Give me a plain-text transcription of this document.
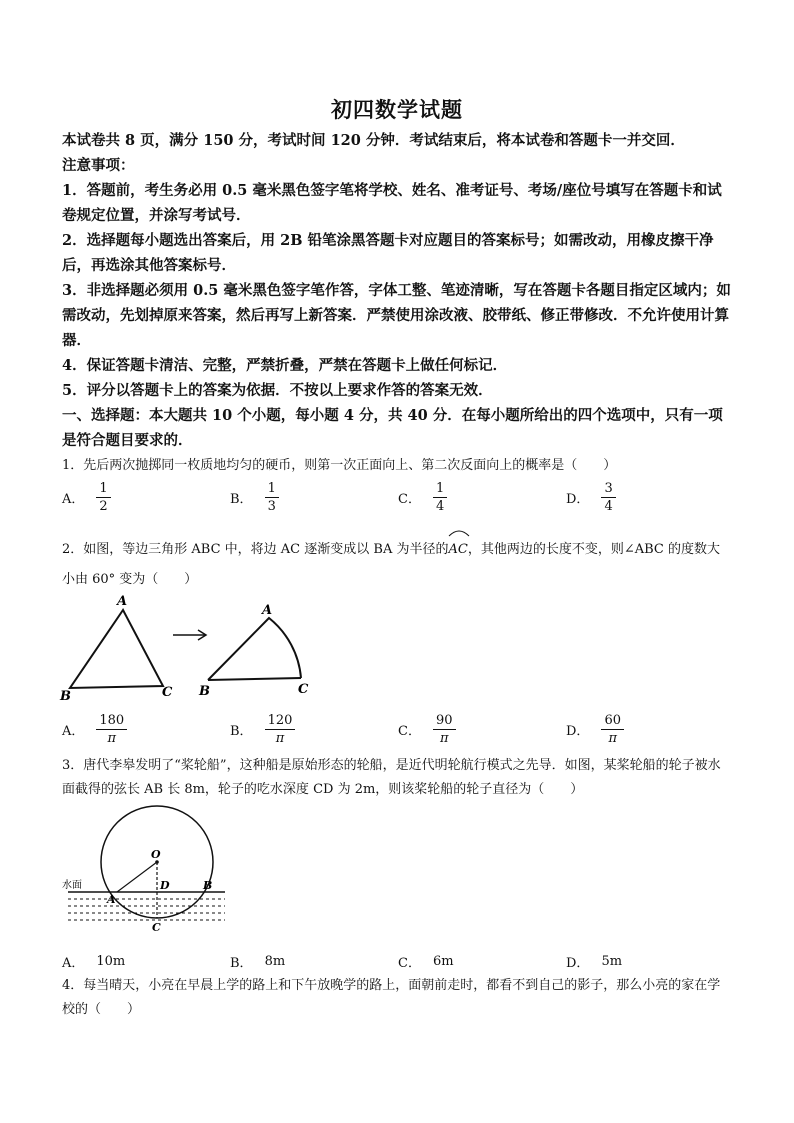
初四数学试题
本试卷共 8 页，满分 150 分，考试时间 120 分钟．考试结束后，将本试卷和答题卡一并交回．
注意事项：
1．答题前，考生务必用 0.5 毫米黑色签字笔将学校、姓名、准考证号、考场/座位号填写在答题卡和试卷规定位置，并涂写考试号．
2．选择题每小题选出答案后，用 2B 铅笔涂黑答题卡对应题目的答案标号；如需改动，用橡皮擦干净后，再选涂其他答案标号．
3．非选择题必须用 0.5 毫米黑色签字笔作答，字体工整、笔迹清晰，写在答题卡各题目指定区域内；如需改动，先划掉原来答案，然后再写上新答案．严禁使用涂改液、胶带纸、修正带修改．不允许使用计算器．
4．保证答题卡清洁、完整，严禁折叠，严禁在答题卡上做任何标记．
5．评分以答题卡上的答案为依据．不按以上要求作答的答案无效．
一、选择题：本大题共 10 个小题，每小题 4 分，共 40 分．在每小题所给出的四个选项中，只有一项是符合题目要求的．
1．先后两次抛掷同一枚质地均匀的硬币，则第一次正面向上、第二次反面向上的概率是（　　）
A． $\frac{1}{2}$	B． $\frac{1}{3}$	C． $\frac{1}{4}$	D． $\frac{3}{4}$
2．如图，等边三角形 ABC 中，将边 AC 逐渐变成以 BA 为半径的
AC，其他两边的长度不变，则∠ABC 的度数大小由 60° 变为（　　）
A
B	C
A
B	C
A． $\frac{180}{\pi}$	B． $\frac{120}{\pi}$	C． $\frac{90}{\pi}$	D． $\frac{60}{\pi}$
3．唐代李皋发明了“桨轮船”，这种船是原始形态的轮船，是近代明轮航行模式之先导．如图，某桨轮船的轮子被水面截得的弦长 AB 长 8m，轮子的吃水深度 CD 为 2m，则该桨轮船的轮子直径为（　　）
水面
O
A
D	B
C
A． 10m	B． 8m	C． 6m	D． 5m
4．每当晴天，小亮在早晨上学的路上和下午放晚学的路上，面朝前走时，都看不到自己的影子，那么小亮的家在学校的（　　）
